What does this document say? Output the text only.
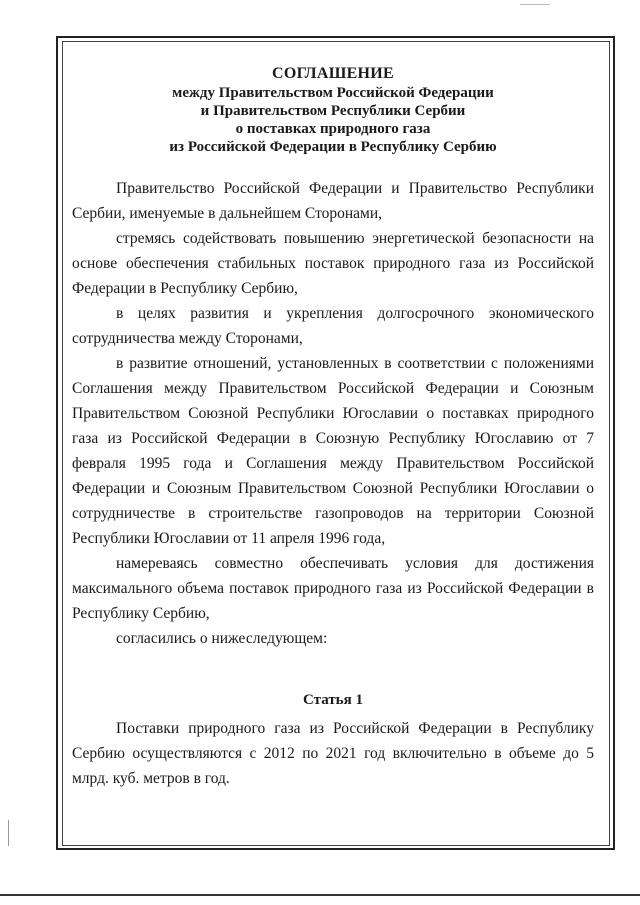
СОГЛАШЕНИЕ
между Правительством Российской Федерации
и Правительством Республики Сербии
о поставках природного газа
из Российской Федерации в Республику Сербию

Правительство Российской Федерации и Правительство Республики Сербии, именуемые в дальнейшем Сторонами,

стремясь содействовать повышению энергетической безопасности на основе обеспечения стабильных поставок природного газа из Российской Федерации в Республику Сербию,

в целях развития и укрепления долгосрочного экономического сотрудничества между Сторонами,

в развитие отношений, установленных в соответствии с положениями Соглашения между Правительством Российской Федерации и Союзным Правительством Союзной Республики Югославии о поставках природного газа из Российской Федерации в Союзную Республику Югославию от 7 февраля 1995 года и Соглашения между Правительством Российской Федерации и Союзным Правительством Союзной Республики Югославии о сотрудничестве в строительстве газопроводов на территории Союзной Республики Югославии от 11 апреля 1996 года,

намереваясь совместно обеспечивать условия для достижения максимального объема поставок природного газа из Российской Федерации в Республику Сербию,

согласились о нижеследующем:

Статья 1

Поставки природного газа из Российской Федерации в Республику Сербию осуществляются с 2012 по 2021 год включительно в объеме до 5 млрд. куб. метров в год.
